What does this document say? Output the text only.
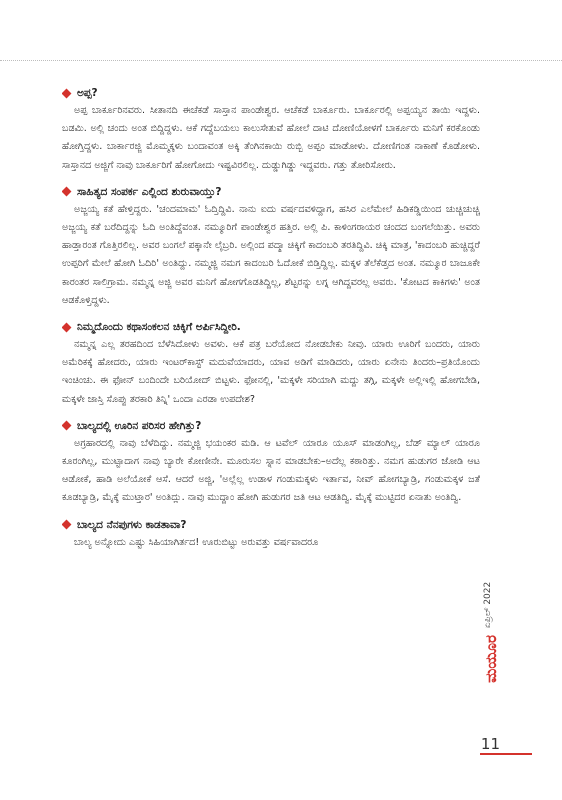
ಅಪ್ಪ?

ಅಪ್ಪ ಬಾರ್ಕೂರಿನವರು. ಸೀತಾನದಿ ಈಚೆಕಡೆ ಸಾಸ್ತಾನ ಪಾಂಡೇಶ್ವರ. ಆಚೆಕಡೆ ಬಾರ್ಕೂರು. ಬಾರ್ಕೂರಲ್ಲಿ ಅಪ್ಪಯ್ಯನ ತಾಯಿ ಇದ್ದಳು. ಬಡಮಿ. ಅಲ್ಲಿ ಚಂದು ಅಂತ ಬಿದ್ದಿದ್ದಳು. ಆಕೆ ಗದ್ದೆಬಯಲು ಕಾಲುಸೇತುವೆ ಹೋಲೆ ದಾಟಿ ದೋಣಿಯೋಳಗೆ ಬಾರ್ಕೂರು ಮನಿಗೆ ಕರಕೊಂಡು ಹೋಗ್ತಿದ್ದಳು. ಬಾರ್ಕಾರಜ್ಜಿ ಮೊಮ್ಮಕ್ಕಳು ಬಂದಾವಂತ ಅಕ್ಕಿ ತೆಂಗಿನಕಾಯಿ ರುಬ್ಬಿ ಅಪ್ಪಂ ಮಾಡೋಳು. ದೋಣಿಗಂತ ನಾಕಾಣೆ ಕೊಡೋಳು. ಸಾಸ್ತಾನದ ಅಜ್ಜಿಗೆ ನಾವು ಬಾರ್ಕೂರಿಗೆ ಹೋಗೋದು ಇಷ್ಟವಿರಲಿಲ್ಲ. ದುಡ್ಡುಗಿಡ್ಡು ಇದ್ದವರು. ಗತ್ತು ತೋರಿಸೋರು.

ಸಾಹಿತ್ಯದ ಸಂಪರ್ಕ ಎಲ್ಲಿಂದ ಶುರುವಾಯ್ತು?

ಅಜ್ಜಯ್ಯ ಕತೆ ಹೇಳ್ತಿದ್ದರು. 'ಚಂದಮಾಮ' ಓದ್ತಿದ್ದಿವಿ. ನಾನು ಐದು ವರ್ಷದವಳಿದ್ದಾಗ, ಹಸಿರ ಎಲೆಮೇಲೆ ಹಿಡಿಕಡ್ಡಿಯಿಂದ ಚುಚ್ಚಿಚುಚ್ಚಿ ಅಜ್ಜಯ್ಯ ಕತೆ ಬರೆದಿದ್ದನ್ನು ಓದಿ ಅಂತಿದ್ದೆವಂತ. ನಮ್ಮೂರಿಗೆ ಪಾಂಡೇಶ್ವರ ಹತ್ತಿರ. ಅಲ್ಲಿ ಪಿ. ಕಾಳಿಂಗರಾಯರ ಚಂದದ ಬಂಗಲೆಯಿತ್ತು. ಅವರು ಹಾಡ್ತಾರಂತ ಗೊತ್ತಿರಲಿಲ್ಲ. ಅವರ ಬಂಗಲೆ ಪಕ್ಕಾನೇ ಲೈಬ್ರರಿ. ಅಲ್ಲಿಂದ ಪದ್ಮಾ ಚಿಕ್ಕಿಗೆ ಕಾದಂಬರಿ ತರತಿದ್ದಿವಿ. ಚಿಕ್ಕಿ ಮಾತ್ರ, 'ಕಾದಂಬರಿ ಹುಚ್ಚಿದ್ದರೆ ಉಪ್ಪರಿಗೆ ಮೇಲೆ ಹೋಗಿ ಓದಿರಿ' ಅಂತಿದ್ದು. ನಮ್ಮಜ್ಜಿ ನಮಗ ಕಾದಂಬರಿ ಓದೋಕೆ ಬಿಡ್ತಿದ್ದಿಲ್ಲ. ಮಕ್ಕಳ ತೆಲೆಕೆಡ್ತದ ಅಂತ. ನಮ್ಮೂರ ಬಾಜೂಕೇ ಕಾರಂತರ ಸಾಲಿಗ್ರಾಮ. ನಮ್ಮನ್ನ ಅಜ್ಜಿ ಅವರ ಮನಿಗೆ ಹೋಗಗೊಡತಿದ್ದಿಲ್ಲ, ಶೆಟ್ಟರನ್ನು ಲಗ್ನ ಆಗಿದ್ದವರಲ್ಲ ಅವರು. 'ಕೋಟದ ಕಾಕಿಗಳು' ಅಂತ ಆಡಕೊಳ್ತಿದ್ದಳು.

ನಿಮ್ಮದೊಂದು ಕಥಾಸಂಕಲನ ಚಿಕ್ಕಿಗೆ ಅರ್ಪಿಸಿದ್ದೀರಿ.

ನಮ್ಮನ್ನ ಎಲ್ಲ ತರಹದಿಂದ ಬೆಳೆಸಿದೋಳು ಅವಳು. ಆಕೆ ಪತ್ರ ಬರೆಯೋದ ನೋಡಬೇಕು ನೀವು. ಯಾರು ಊರಿಗೆ ಬಂದರು, ಯಾರು ಅಮೆರಿಕಕ್ಕೆ ಹೋದರು, ಯಾರು ಇಂಟರ್‌ಕಾಸ್ಟ್ ಮದುವೆಯಾದರು, ಯಾವ ಅಡಿಗೆ ಮಾಡಿದರು, ಯಾರು ಏನೇನು ತಿಂದರು–ಪ್ರತಿಯೊಂದು ಇಂಚಿಂಚು. ಈ ಫೋನ್ ಬಂದಿಂದೇ ಬರಿಯೋದ್ ಬಿಟ್ಟಳು. ಫೋನಲ್ಲಿ, 'ಮಕ್ಕಳೇ ಸರಿಯಾಗಿ ಮದ್ದು ತಗ್ಗಿ, ಮಕ್ಕಳೇ ಅಲ್ಲಿಇಲ್ಲಿ ಹೋಗಬೇಡಿ, ಮಕ್ಕಳೇ ಜಾಸ್ತಿ ಸೊಪ್ಪು ತರಕಾರಿ ತಿನ್ನಿ' ಒಂದಾ ಎರಡಾ ಉಪದೇಶ?

ಬಾಲ್ಯದಲ್ಲಿ ಊರಿನ ಪರಿಸರ ಹೇಗಿತ್ತು?

ಅಗ್ರಹಾರದಲ್ಲಿ ನಾವು ಬೆಳೆದಿದ್ದು. ನಮ್ಮಜ್ಜಿ ಭಯಂಕರ ಮಡಿ. ಆ ಟವೆಲ್ ಯಾರೂ ಯೂಸ್ ಮಾಡಂಗಿಲ್ಲ, ಬೆಡ್ ಮ್ಯಾಲ್ ಯಾರೂ ಕೂರಂಗಿಲ್ಲ, ಮುಟ್ಟಾದಾಗ ನಾವು ಬ್ಯಾರೇ ಕೋಣೀನೇ. ಮೂರುಸಲ ಸ್ನಾನ ಮಾಡಬೇಕು–ಅದೆಲ್ಲ ಕಠಾರಿತ್ತು. ನಮಗ ಹುಡುಗರ ಜೋಡಿ ಆಟ ಆಡೋಕೆ, ಹಾಡಿ ಅಲೆಯೋಕೆ ಆಸೆ. ಆದರೆ ಅಜ್ಜಿ, 'ಅಲ್ಲೆಲ್ಲ ಉಡಾಳ ಗಂಡುಮಕ್ಕಳು ಇರ್ತಾವ, ನೀವ್ ಹೋಗಬ್ಯಾಡ್ರಿ, ಗಂಡುಮಕ್ಕಳ ಜತೆ ಕೂಡಬ್ಯಾಡ್ರಿ, ಮೈಕ್ಕೆ ಮುಟ್ತಾರ' ಅಂತಿದ್ಲು. ನಾವು ಮುದ್ದಾಂ ಹೋಗಿ ಹುಡುಗರ ಜತಿ ಆಟ ಆಡತಿದ್ವಿ. ಮೈಕ್ಕೆ ಮುಟ್ಟಿದರ ಏನಾತು ಅಂತಿದ್ವಿ.

ಬಾಲ್ಯದ ನೆನಪುಗಳು ಕಾಡತಾವಾ?

ಬಾಲ್ಯ ಅನ್ನೋದು ಎಷ್ಟು ಸಿಹಿಯಾಗಿರ್ತದ! ಊರುಬಿಟ್ಟು ಅರುವತ್ತು ವರ್ಷವಾದರೂ

ಮಯೂರ
ಏಪ್ರಿಲ್ 2022
11
